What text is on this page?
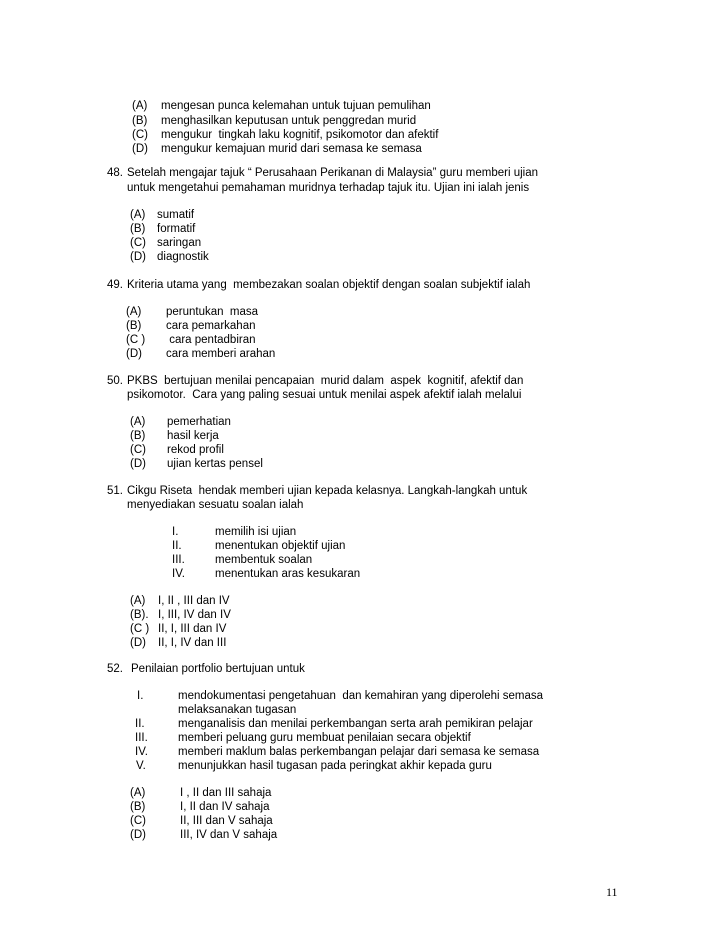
(A) mengesan punca kelemahan untuk tujuan pemulihan
(B) menghasilkan keputusan untuk penggredan murid
(C) mengukur  tingkah laku kognitif, psikomotor dan afektif
(D) mengukur kemajuan murid dari semasa ke semasa
48. Setelah mengajar tajuk “ Perusahaan Perikanan di Malaysia” guru memberi ujian
untuk mengetahui pemahaman muridnya terhadap tajuk itu. Ujian ini ialah jenis
(A) sumatif
(B) formatif
(C) saringan
(D) diagnostik
49. Kriteria utama yang  membezakan soalan objektif dengan soalan subjektif ialah
(A) peruntukan  masa
(B) cara pemarkahan
(C ) cara pentadbiran
(D) cara memberi arahan
50. PKBS  bertujuan menilai pencapaian  murid dalam  aspek  kognitif, afektif dan
psikomotor.  Cara yang paling sesuai untuk menilai aspek afektif ialah melalui
(A) pemerhatian
(B) hasil kerja
(C) rekod profil
(D) ujian kertas pensel
51. Cikgu Riseta  hendak memberi ujian kepada kelasnya. Langkah-langkah untuk
menyediakan sesuatu soalan ialah
I.	memilih isi ujian
II.	menentukan objektif ujian
III.	membentuk soalan
IV.	menentukan aras kesukaran
(A) I, II , III dan IV
(B). I, III, IV dan IV
(C ) II, I, III dan IV
(D) II, I, IV dan III
52. Penilaian portfolio bertujuan untuk
I.	mendokumentasi pengetahuan  dan kemahiran yang diperolehi semasa
melaksanakan tugasan
II.	menganalisis dan menilai perkembangan serta arah pemikiran pelajar
III.	memberi peluang guru membuat penilaian secara objektif
IV.	memberi maklum balas perkembangan pelajar dari semasa ke semasa
V.	menunjukkan hasil tugasan pada peringkat akhir kepada guru
(A)	I , II dan III sahaja
(B)	I, II dan IV sahaja
(C)	II, III dan V sahaja
(D)	III, IV dan V sahaja
11
